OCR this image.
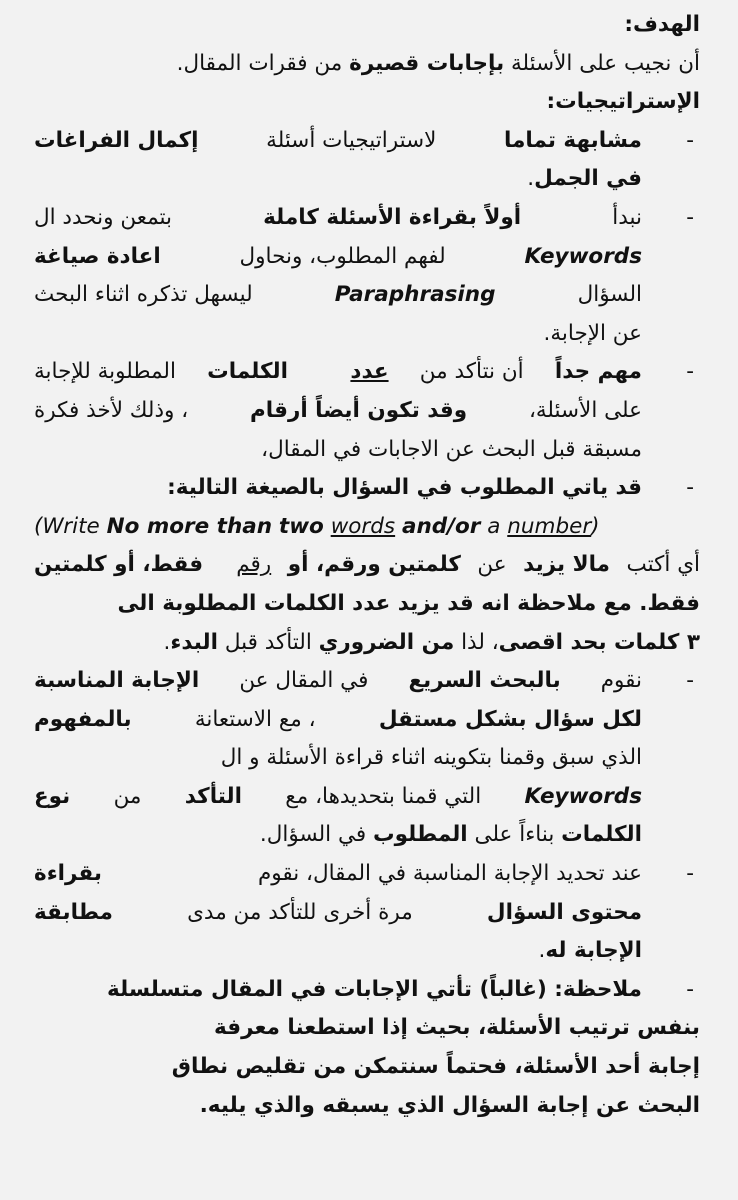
الهدف:
أن نجيب على الأسئلة بإجابات قصيرة من فقرات المقال.
الإستراتيجيات:
-
مشابهة تماما
لاستراتيجيات أسئلة
إكمال الفراغات
في الجمل.
-
نبدأ
أولاً بقراءة الأسئلة كاملة
بتمعن ونحدد ال
Keywords
لفهم المطلوب، ونحاول
اعادة صياغة
السؤال
Paraphrasing
ليسهل تذكره اثناء البحث
عن الإجابة.
-
مهم جداً
أن نتأكد من
عدد
الكلمات
المطلوبة للإجابة
على الأسئلة،
وقد تكون أيضاً أرقام
، وذلك لأخذ فكرة
مسبقة قبل البحث عن الاجابات في المقال،
-
قد ياتي المطلوب في السؤال بالصيغة التالية:
(Write No more than two words and/or a number)
أي أكتب
مالا يزيد
عن
كلمتين ورقم، أو
رقم
فقط، أو كلمتين
فقط. مع ملاحظة انه قد يزيد عدد الكلمات المطلوبة الى
٣ كلمات بحد اقصى، لذا من الضروري التأكد قبل البدء.
-
نقوم
بالبحث السريع
في المقال عن
الإجابة المناسبة
لكل سؤال بشكل مستقل
، مع الاستعانة
بالمفهوم
الذي سبق وقمنا بتكوينه اثناء قراءة الأسئلة و ال
Keywords
التي قمنا بتحديدها، مع
التأكد
من
نوع
الكلمات بناءاً على المطلوب في السؤال.
-
عند تحديد الإجابة المناسبة في المقال، نقوم
بقراءة
محتوى السؤال
مرة أخرى للتأكد من مدى
مطابقة
الإجابة له.
-
ملاحظة: (غالباً) تأتي الإجابات في المقال متسلسلة
بنفس ترتيب الأسئلة، بحيث إذا استطعنا معرفة
إجابة أحد الأسئلة، فحتماً سنتمكن من تقليص نطاق
البحث عن إجابة السؤال الذي يسبقه والذي يليه.
